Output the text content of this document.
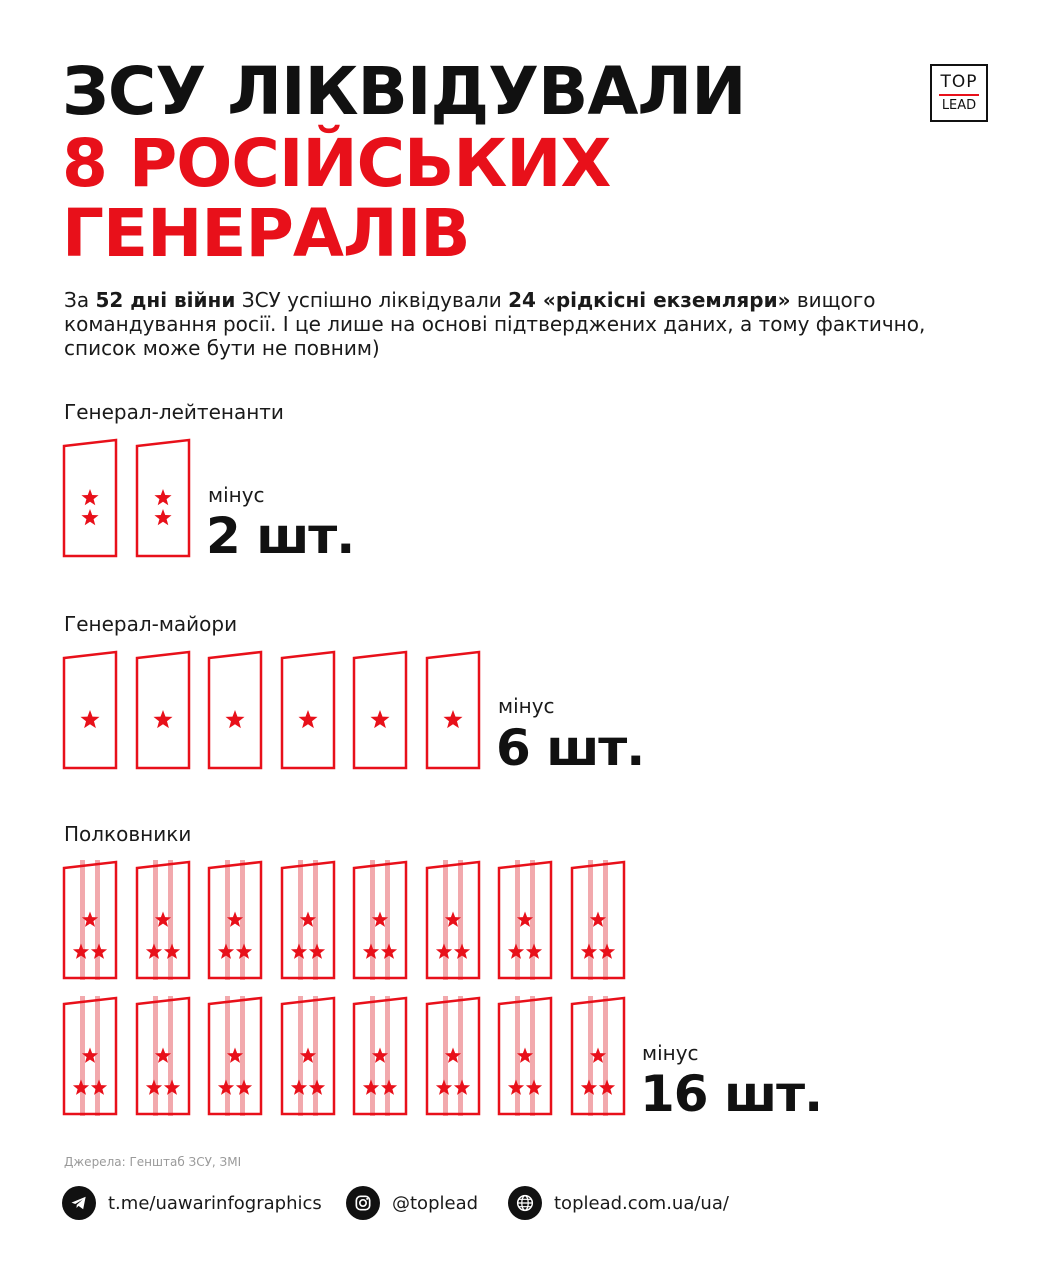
ЗСУ ЛІКВІДУВАЛИ
8 РОСІЙСЬКИХ
ГЕНЕРАЛІВ
TOP
LEAD
За 52 дні війни ЗСУ успішно ліквідували 24 «рідкісні екземляри» вищого командування росії. І це лише на основі підтверджених даних, а тому фактично, список може бути не повним)
Генерал-лейтенанти
мінус
2 шт.
Генерал-майори
мінус
6 шт.
Полковники
мінус
16 шт.
Джерела: Генштаб ЗСУ, ЗМІ
t.me/uawarinfographics	@toplead	toplead.com.ua/ua/
